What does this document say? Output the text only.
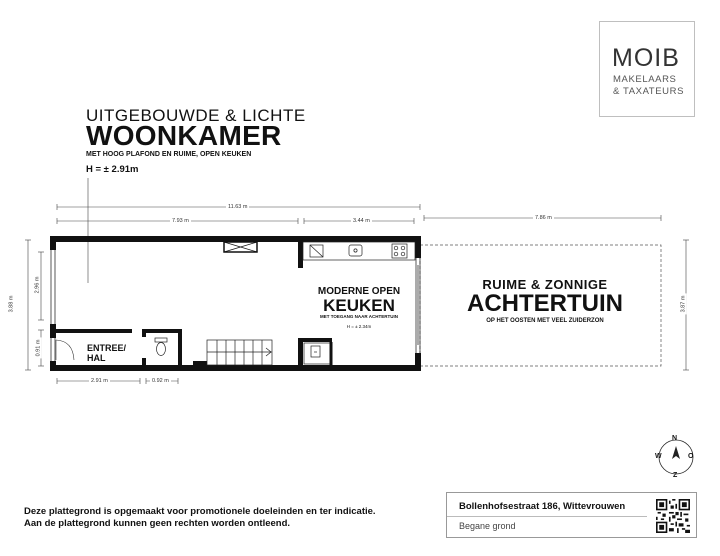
MOIB
MAKELAARS
& TAXATEURS
UITGEBOUWDE & LICHTE
WOONKAMER
MET HOOG PLAFOND EN RUIME, OPEN KEUKEN
H = ± 2.91m
11.63 m
7.93 m	3.44 m	7.86 m
3.88 m
2.96 m
0.91 m
3.87 m
2.91 m	0.92 m
MODERNE OPEN
KEUKEN
MET TOEGANG NAAR ACHTERTUIN
H = ± 2.34m
ENTREE/
HAL
RUIME & ZONNIGE
ACHTERTUIN
OP HET OOSTEN MET VEEL ZUIDERZON
N
O
Z
W
Deze plattegrond is opgemaakt voor promotionele doeleinden en ter indicatie.
Aan de plattegrond kunnen geen rechten worden ontleend.
Bollenhofsestraat 186, Wittevrouwen
Begane grond
